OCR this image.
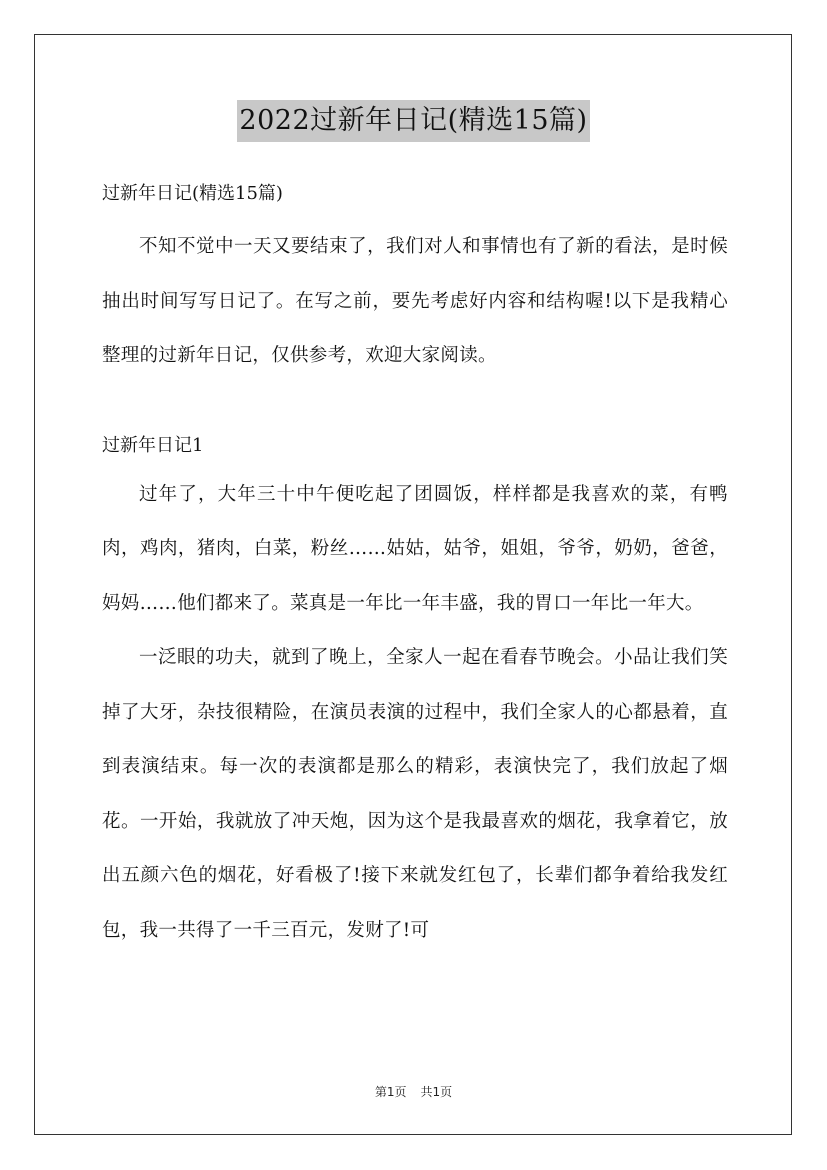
2022过新年日记(精选15篇)

过新年日记(精选15篇)

不知不觉中一天又要结束了，我们对人和事情也有了新的看法，是时候抽出时间写写日记了。在写之前，要先考虑好内容和结构喔!以下是我精心整理的过新年日记，仅供参考，欢迎大家阅读。

过新年日记1

过年了，大年三十中午便吃起了团圆饭，样样都是我喜欢的菜，有鸭肉，鸡肉，猪肉，白菜，粉丝……姑姑，姑爷，姐姐，爷爷，奶奶，爸爸，妈妈……他们都来了。菜真是一年比一年丰盛，我的胃口一年比一年大。

一泛眼的功夫，就到了晚上，全家人一起在看春节晚会。小品让我们笑掉了大牙，杂技很精险，在演员表演的过程中，我们全家人的心都悬着，直到表演结束。每一次的表演都是那么的精彩，表演快完了，我们放起了烟花。一开始，我就放了冲天炮，因为这个是我最喜欢的烟花，我拿着它，放出五颜六色的烟花，好看极了!接下来就发红包了，长辈们都争着给我发红包，我一共得了一千三百元，发财了!可

第1页 共1页
